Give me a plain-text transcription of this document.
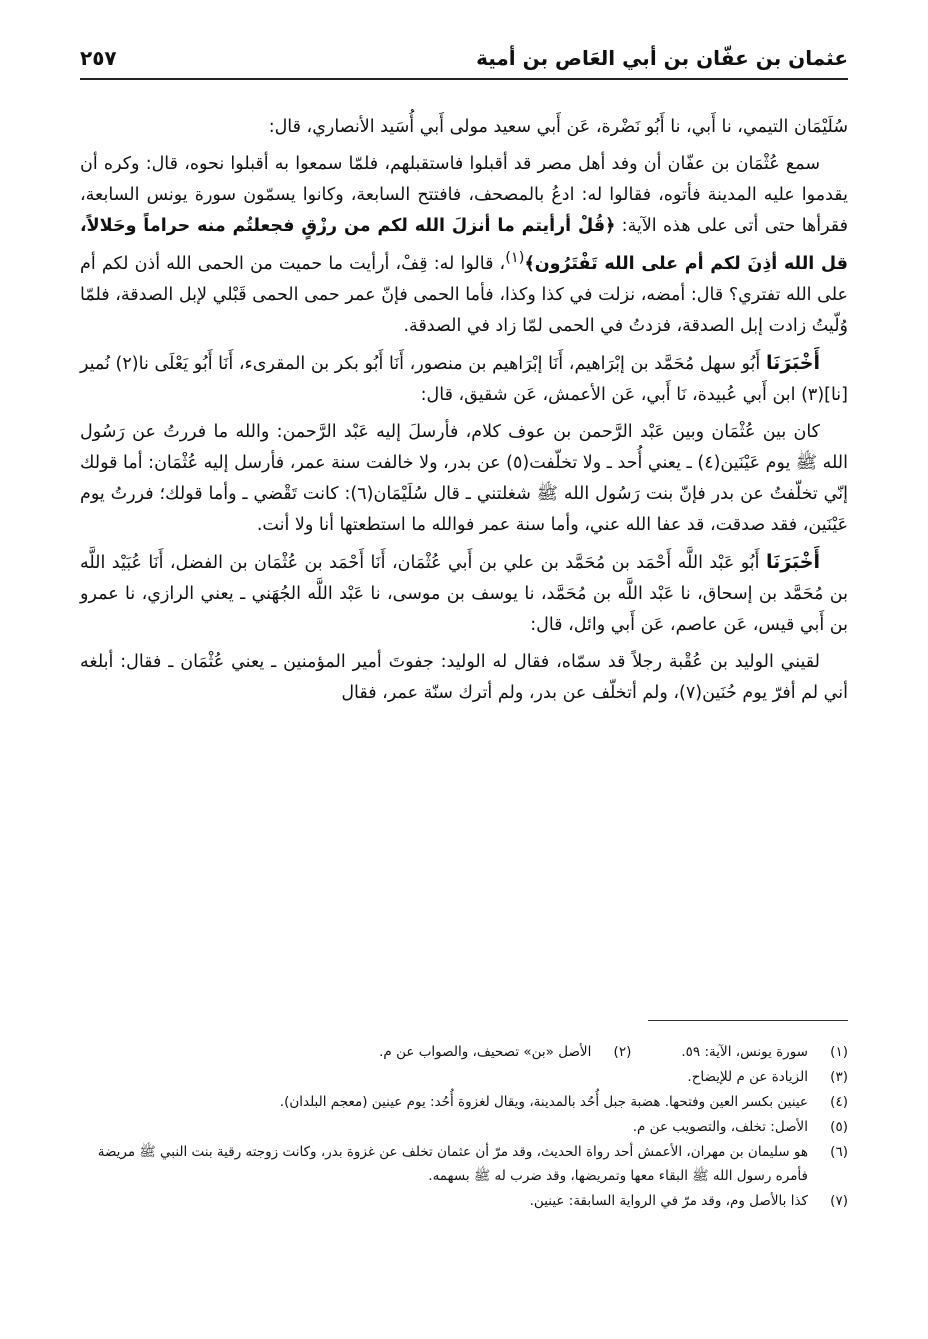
عثمان بن عفّان بن أبي العَاص بن أمية
٢٥٧

سُلَيْمَان التيمي، نا أَبي، نا أَبُو نَضْرة، عَن أَبي سعيد مولى أَبي أُسَيد الأنصاري، قال:

سمع عُثْمَان بن عفّان أن وفد أهل مصر قد أقبلوا فاستقبلهم، فلمّا سمعوا به أقبلوا نحوه، قال: وكره أن يقدموا عليه المدينة فأتوه، فقالوا له: ادعُ بالمصحف، فافتتح السابعة، وكانوا يسمّون سورة يونس السابعة، فقرأها حتى أتى على هذه الآية: ﴿قُلْ أرأيتم ما أنزلَ الله لكم من رزْقٍ فجعلتُم منه حراماً وحَلالاً، قل الله أذِنَ لكم أم على الله تَفْتَرُون﴾$^{(١)}$، قالوا له: قِفْ، أرأيت ما حميت من الحمى الله أذن لكم أم على الله تفتري؟ قال: أمضه، نزلت في كذا وكذا، فأما الحمى فإنّ عمر حمى الحمى قَبْلي لإبل الصدقة، فلمّا وُلّيتُ زادت إبل الصدقة، فزدتُ في الحمى لمّا زاد في الصدقة.

أَخْبَرَنَا أَبُو سهل مُحَمَّد بن إبْرَاهيم، أَنَا إبْرَاهيم بن منصور، أَنَا أَبُو بكر بن المقرىء، أَنَا أَبُو يَعْلَى نا(٢) نُمير [نا](٣) ابن أَبي عُبيدة، نَا أَبي، عَن الأعمش، عَن شقيق، قال:

كان بين عُثْمَان وبين عَبْد الرَّحمن بن عوف كلام، فأرسلَ إليه عَبْد الرَّحمن: والله ما فررتُ عن رَسُول الله ﷺ يوم عَيْنَين(٤) ـ يعني أُحد ـ ولا تخلّفت(٥) عن بدر، ولا خالفت سنة عمر، فأرسل إليه عُثْمَان: أما قولك إنّي تخلّفتُ عن بدر فإنّ بنت رَسُول الله ﷺ شغلتني ـ قال سُلَيْمَان(٦): كانت تَقْضي ـ وأما قولك؛ فررتُ يوم عَيْنَين، فقد صدقت، قد عفا الله عني، وأما سنة عمر فوالله ما استطعتها أنا ولا أنت.

أَخْبَرَنَا أَبُو عَبْد اللَّه أَحْمَد بن مُحَمَّد بن علي بن أَبي عُثْمَان، أَنَا أَحْمَد بن عُثْمَان بن الفضل، أَنَا عُبَيْد اللَّه بن مُحَمَّد بن إسحاق، نا عَبْد اللَّه بن مُحَمَّد، نا يوسف بن موسى، نا عَبْد اللَّه الجُهَني ـ يعني الرازي، نا عمرو بن أَبي قيس، عَن عاصم، عَن أَبي وائل، قال:

لقيني الوليد بن عُقْبة رجلاً قد سمّاه، فقال له الوليد: جفوتَ أمير المؤمنين ـ يعني عُثْمَان ـ فقال: أبلغه أني لم أفرّ يوم حُنَين(٧)، ولم أتخلّف عن بدر، ولم أترك سنّة عمر، فقال

(١)
سورة يونس، الآية: ٥٩.
(٢)
الأصل «بن» تصحيف، والصواب عن م.
(٣)
الزيادة عن م للإيضاح.
(٤)
عينين بكسر العين وفتحها. هضبة جبل أُحُد بالمدينة، ويقال لغزوة أُحُد: يوم عينين (معجم البلدان).
(٥)
الأصل: تخلف، والتصويب عن م.
(٦)
هو سليمان بن مهران، الأعمش أحد رواة الحديث، وقد مرّ أن عثمان تخلف عن غزوة بدر، وكانت زوجته رقية بنت النبي ﷺ مريضة فأمره رسول الله ﷺ البقاء معها وتمريضها، وقد ضرب له ﷺ بسهمه.
(٧)
كذا بالأصل وم، وقد مرّ في الرواية السابقة: عينين.
